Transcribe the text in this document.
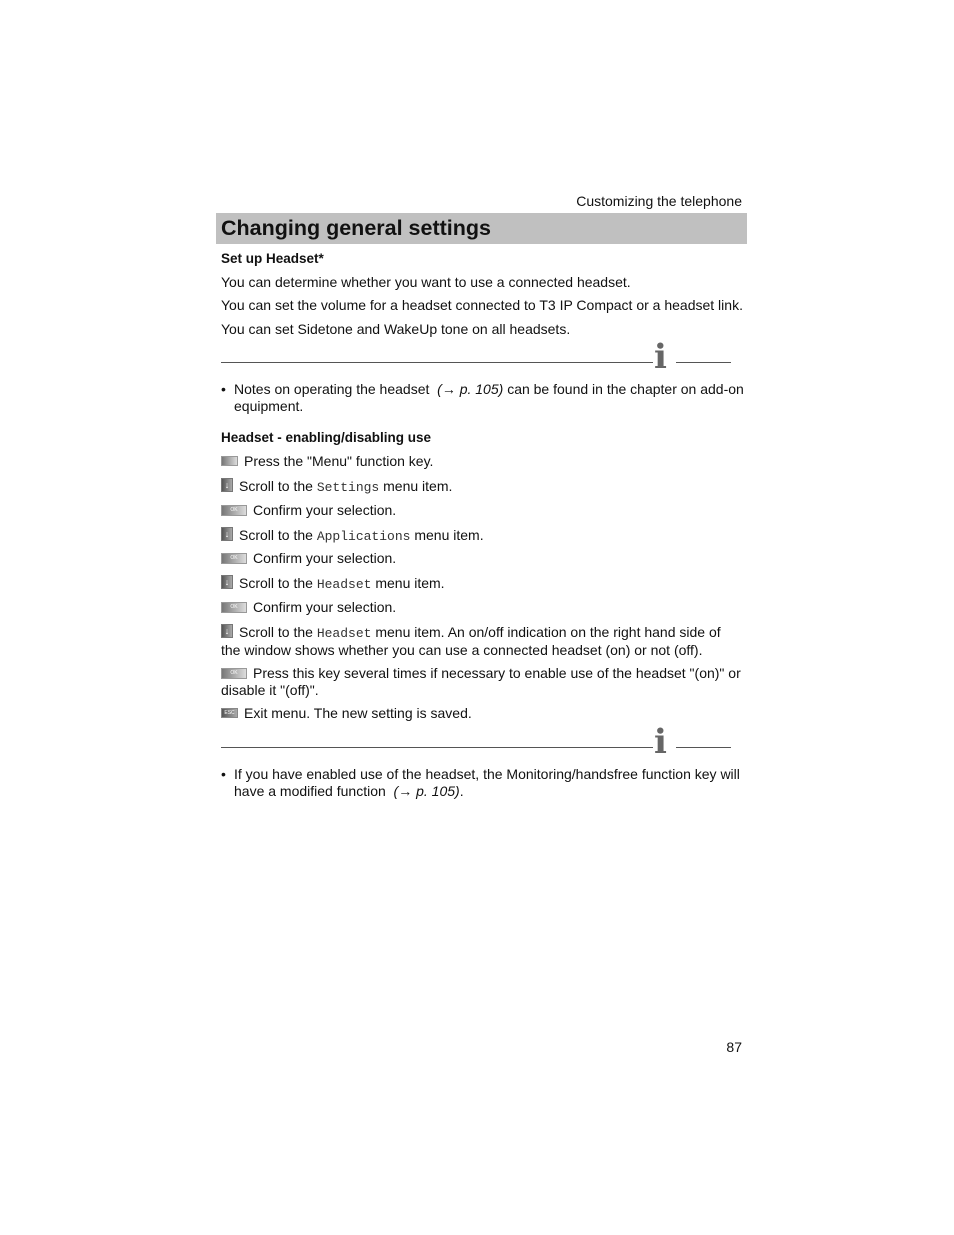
Customizing the telephone
Changing general settings
Set up Headset*
You can determine whether you want to use a connected headset.
You can set the volume for a headset connected to T3 IP Compact or a headset link.
You can set Sidetone and WakeUp tone on all headsets.
i
• Notes on operating the headset (→ p. 105) can be found in the chapter on add-on
equipment.
Headset - enabling/disabling use
Press the "Menu" function key.
↓ Scroll to the Settings menu item.
OK Confirm your selection.
↓ Scroll to the Applications menu item.
OK Confirm your selection.
↓ Scroll to the Headset menu item.
OK Confirm your selection.
↓ Scroll to the Headset menu item. An on/off indication on the right hand side of
the window shows whether you can use a connected headset (on) or not (off).
OK Press this key several times if necessary to enable use of the headset "(on)" or
disable it "(off)".
ESC Exit menu. The new setting is saved.
i
• If you have enabled use of the headset, the Monitoring/handsfree function key will
have a modified function (→ p. 105).
87
